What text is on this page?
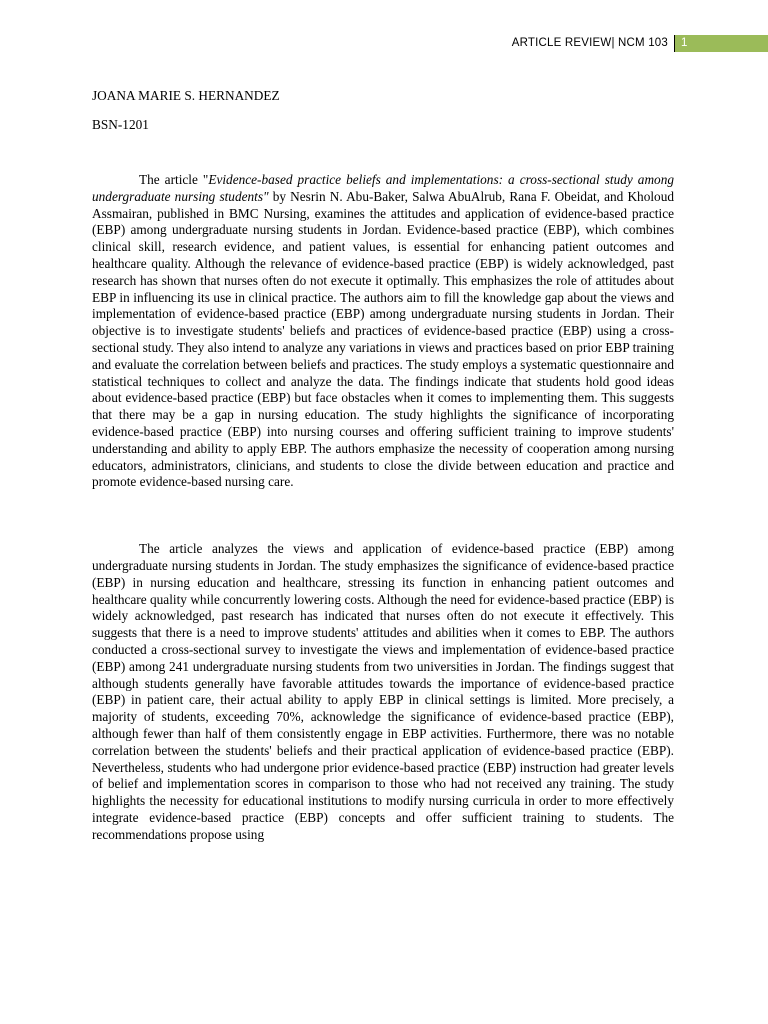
ARTICLE REVIEW| NCM 103	1

JOANA MARIE S. HERNANDEZ

BSN-1201

The article "Evidence-based practice beliefs and implementations: a cross-sectional study among undergraduate nursing students" by Nesrin N. Abu-Baker, Salwa AbuAlrub, Rana F. Obeidat, and Kholoud Assmairan, published in BMC Nursing, examines the attitudes and application of evidence-based practice (EBP) among undergraduate nursing students in Jordan. Evidence-based practice (EBP), which combines clinical skill, research evidence, and patient values, is essential for enhancing patient outcomes and healthcare quality. Although the relevance of evidence-based practice (EBP) is widely acknowledged, past research has shown that nurses often do not execute it optimally. This emphasizes the role of attitudes about EBP in influencing its use in clinical practice. The authors aim to fill the knowledge gap about the views and implementation of evidence-based practice (EBP) among undergraduate nursing students in Jordan. Their objective is to investigate students' beliefs and practices of evidence-based practice (EBP) using a cross-sectional study. They also intend to analyze any variations in views and practices based on prior EBP training and evaluate the correlation between beliefs and practices. The study employs a systematic questionnaire and statistical techniques to collect and analyze the data. The findings indicate that students hold good ideas about evidence-based practice (EBP) but face obstacles when it comes to implementing them. This suggests that there may be a gap in nursing education. The study highlights the significance of incorporating evidence-based practice (EBP) into nursing courses and offering sufficient training to improve students' understanding and ability to apply EBP. The authors emphasize the necessity of cooperation among nursing educators, administrators, clinicians, and students to close the divide between education and practice and promote evidence-based nursing care.

The article analyzes the views and application of evidence-based practice (EBP) among undergraduate nursing students in Jordan. The study emphasizes the significance of evidence-based practice (EBP) in nursing education and healthcare, stressing its function in enhancing patient outcomes and healthcare quality while concurrently lowering costs. Although the need for evidence-based practice (EBP) is widely acknowledged, past research has indicated that nurses often do not execute it effectively. This suggests that there is a need to improve students' attitudes and abilities when it comes to EBP. The authors conducted a cross-sectional survey to investigate the views and implementation of evidence-based practice (EBP) among 241 undergraduate nursing students from two universities in Jordan. The findings suggest that although students generally have favorable attitudes towards the importance of evidence-based practice (EBP) in patient care, their actual ability to apply EBP in clinical settings is limited. More precisely, a majority of students, exceeding 70%, acknowledge the significance of evidence-based practice (EBP), although fewer than half of them consistently engage in EBP activities. Furthermore, there was no notable correlation between the students' beliefs and their practical application of evidence-based practice (EBP). Nevertheless, students who had undergone prior evidence-based practice (EBP) instruction had greater levels of belief and implementation scores in comparison to those who had not received any training. The study highlights the necessity for educational institutions to modify nursing curricula in order to more effectively integrate evidence-based practice (EBP) concepts and offer sufficient training to students. The recommendations propose using
